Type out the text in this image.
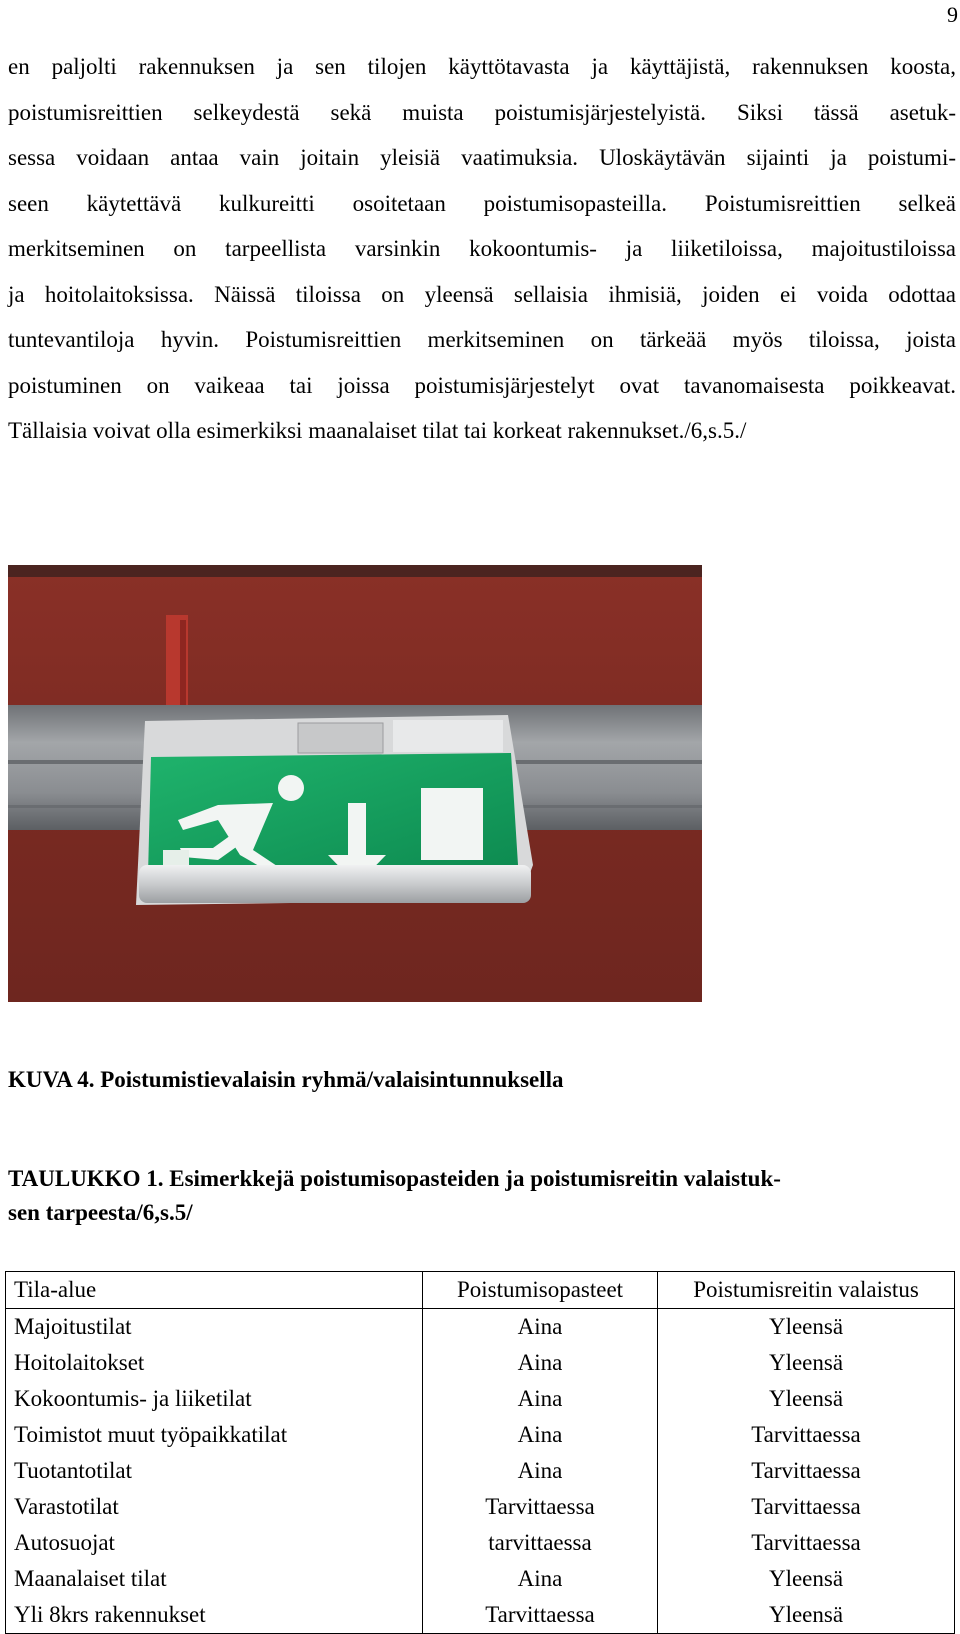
9

en paljolti rakennuksen ja sen tilojen käyttötavasta ja käyttäjistä, rakennuksen koosta,
poistumisreittien selkeydestä sekä muista poistumisjärjestelyistä. Siksi tässä asetuk-
sessa voidaan antaa vain joitain yleisiä vaatimuksia. Uloskäytävän sijainti ja poistumi-
seen käytettävä kulkureitti osoitetaan poistumisopasteilla. Poistumisreittien selkeä
merkitseminen on tarpeellista varsinkin kokoontumis- ja liiketiloissa, majoitustiloissa
ja hoitolaitoksissa. Näissä tiloissa on yleensä sellaisia ihmisiä, joiden ei voida odottaa
tuntevantiloja hyvin. Poistumisreittien merkitseminen on tärkeää myös tiloissa, joista
poistuminen on vaikeaa tai joissa poistumisjärjestelyt ovat tavanomaisesta poikkeavat.
Tällaisia voivat olla esimerkiksi maanalaiset tilat tai korkeat rakennukset./6,s.5./

KUVA 4. Poistumistievalaisin ryhmä/valaisintunnuksella
TAULUKKO 1. Esimerkkejä poistumisopasteiden ja poistumisreitin valaistuk-
sen tarpeesta/6,s.5/
Tila-alue	Poistumisopasteet	Poistumisreitin valaistus
Majoitustilat	Aina	Yleensä
Hoitolaitokset	Aina	Yleensä
Kokoontumis- ja liiketilat	Aina	Yleensä
Toimistot muut työpaikkatilat	Aina	Tarvittaessa
Tuotantotilat	Aina	Tarvittaessa
Varastotilat	Tarvittaessa	Tarvittaessa
Autosuojat	tarvittaessa	Tarvittaessa
Maanalaiset tilat	Aina	Yleensä
Yli 8krs rakennukset	Tarvittaessa	Yleensä
